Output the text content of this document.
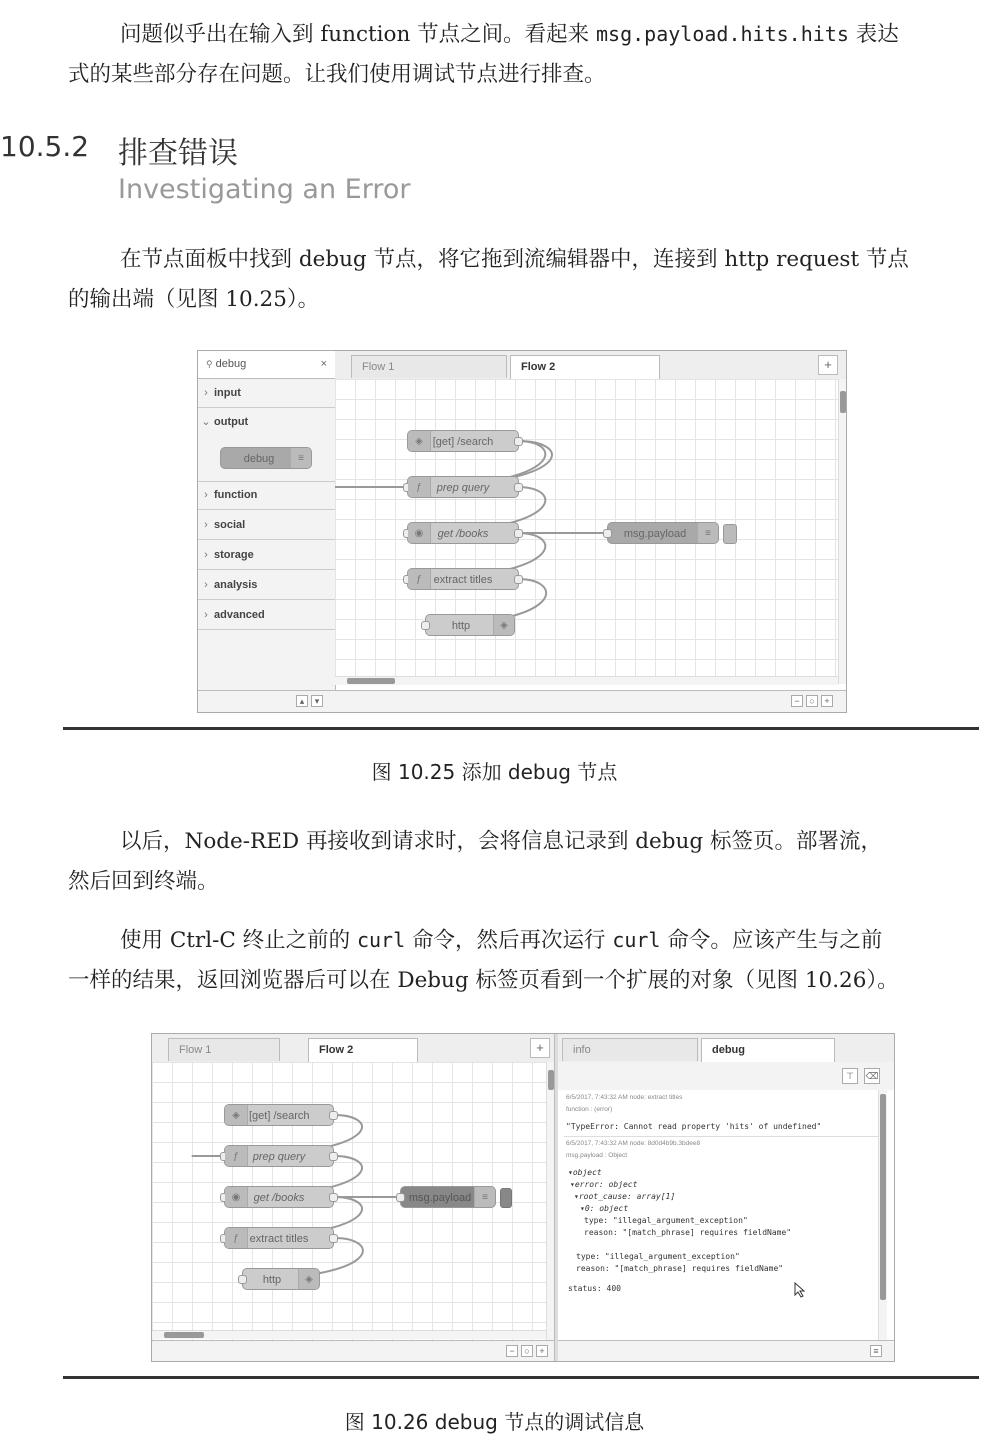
问题似乎出在输入到 function 节点之间。看起来 msg.payload.hits.hits 表达
式的某些部分存在问题。让我们使用调试节点进行排查。

10.5.2 排查错误
Investigating an Error

在节点面板中找到 debug 节点，将它拖到流编辑器中，连接到 http request 节点
的输出端（见图 10.25）。

⚲ debug	×
› input
⌄ output
debug	≡
› function
› social
› storage
› analysis
› advanced
▴	▾
Flow 1	Flow 2	+
◈ [get] /search
ƒ	prep query
◉	get /books
ƒ	extract titles
http	◈
msg.payload	≡
−	○	+
图 10.25 添加 debug 节点

以后，Node-RED 再接收到请求时，会将信息记录到 debug 标签页。部署流，
然后回到终端。

使用 Ctrl-C 终止之前的 curl 命令，然后再次运行 curl 命令。应该产生与之前
一样的结果，返回浏览器后可以在 Debug 标签页看到一个扩展的对象（见图 10.26）。

Flow 1	Flow 2	+
◈ [get] /search
ƒ	prep query
◉	get /books
ƒ extract titles
http	◈
msg.payload	≡
−	○	+
info	debug
⊤	⌫
6/5/2017, 7:43:32 AM node: extract titles
function : (error)
"TypeError: Cannot read property 'hits' of undefined"
6/5/2017, 7:43:32 AM node: 8d0d4b9b.3bdee8
msg.payload : Object
▾object
▾error: object
▾root_cause: array[1]
▾0: object
type: "illegal_argument_exception"
reason: "[match_phrase] requires fieldName"
type: "illegal_argument_exception"
reason: "[match_phrase] requires fieldName"
status: 400
≡
图 10.26 debug 节点的调试信息
